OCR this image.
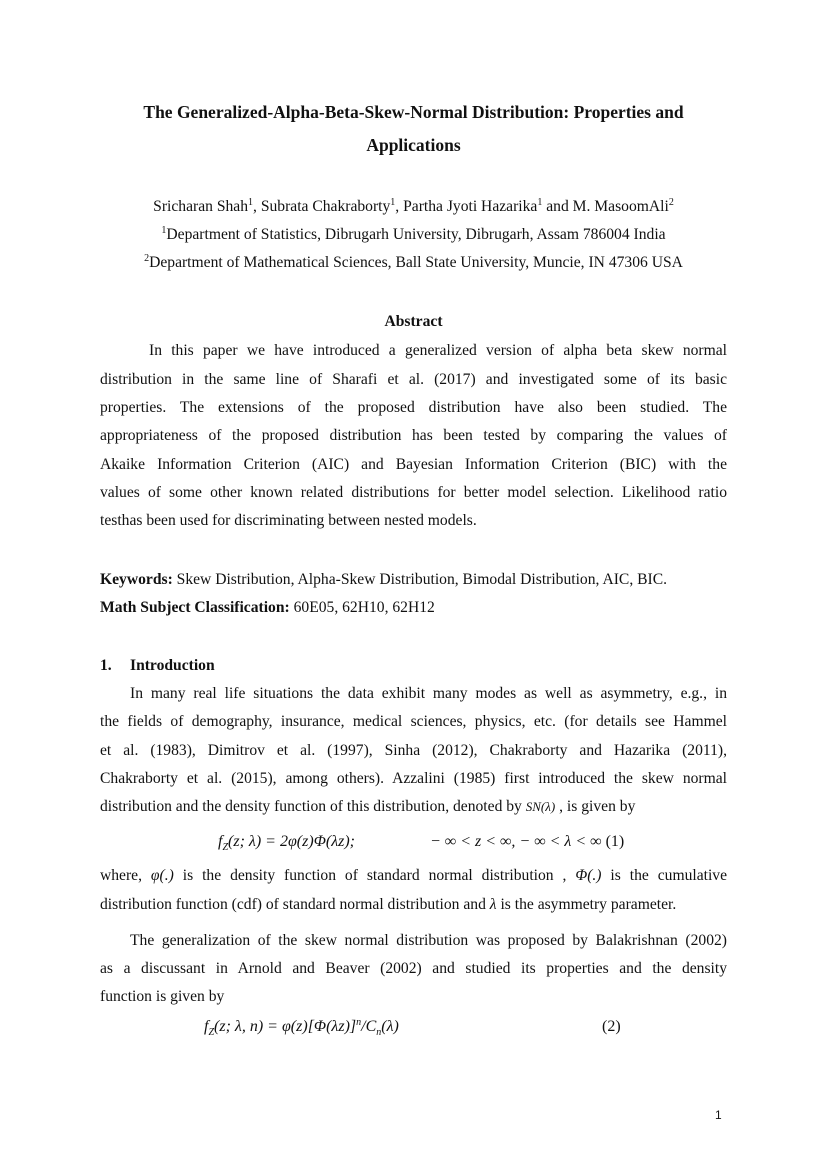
The Generalized-Alpha-Beta-Skew-Normal Distribution: Properties and
Applications
Sricharan Shah$^1$, Subrata Chakraborty$^1$, Partha Jyoti Hazarika$^1$ and M. MasoomAli$^2$
$^1$Department of Statistics, Dibrugarh University, Dibrugarh, Assam 786004 India
$^2$Department of Mathematical Sciences, Ball State University, Muncie, IN 47306 USA
Abstract
In this paper we have introduced a generalized version of alpha beta skew normal
distribution in the same line of Sharafi et al. (2017) and investigated some of its basic
properties. The extensions of the proposed distribution have also been studied. The
appropriateness of the proposed distribution has been tested by comparing the values of
Akaike Information Criterion (AIC) and Bayesian Information Criterion (BIC) with the
values of some other known related distributions for better model selection. Likelihood ratio
testhas been used for discriminating between nested models.
Keywords: Skew Distribution, Alpha-Skew Distribution, Bimodal Distribution, AIC, BIC.
Math Subject Classification: 60E05, 62H10, 62H12
1. Introduction
In many real life situations the data exhibit many modes as well as asymmetry, e.g., in
the fields of demography, insurance, medical sciences, physics, etc. (for details see Hammel
et al. (1983), Dimitrov et al. (1997), Sinha (2012), Chakraborty and Hazarika (2011),
Chakraborty et al. (2015), among others). Azzalini (1985) first introduced the skew normal
distribution and the density function of this distribution, denoted by SN(λ) , is given by
$f_Z(z$; λ) = 2φ(z)Φ(λz);	− ∞ < z < ∞, − ∞ < λ < ∞ (1)
where, φ(.) is the density function of standard normal distribution , Φ(.) is the cumulative
distribution function (cdf) of standard normal distribution and λ is the asymmetry parameter.
The generalization of the skew normal distribution was proposed by Balakrishnan (2002)
as a discussant in Arnold and Beaver (2002) and studied its properties and the density
function is given by
$f_Z(z$; λ, $n) = \varphi(z)[\Phi(\lambda z)]^n/C_n(\lambda)$	(2)
1
